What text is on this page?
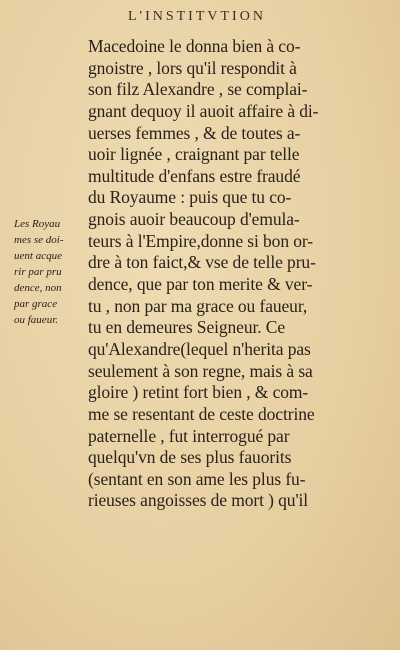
L'INSTITVTION
Les Royau
mes se doi-
uent acque
rir par pru
dence, non
par grace
ou faueur.
Macedoine le donna bien à co-
gnoistre , lors qu'il respondit à
son filz Alexandre , se complai-
gnant dequoy il auoit affaire à di-
uerses femmes , & de toutes a-
uoir lignée , craignant par telle
multitude d'enfans estre fraudé
du Royaume : puis que tu co-
gnois auoir beaucoup d'emula-
teurs à l'Empire,donne si bon or-
dre à ton faict,& vse de telle pru-
dence, que par ton merite & ver-
tu , non par ma grace ou faueur,
tu en demeures Seigneur. Ce
qu'Alexandre(lequel n'herita pas
seulement à son regne, mais à sa
gloire ) retint fort bien , & com-
me se resentant de ceste doctrine
paternelle , fut interrogué par
quelqu'vn de ses plus fauorits
(sentant en son ame les plus fu-
rieuses angoisses de mort ) qu'il
